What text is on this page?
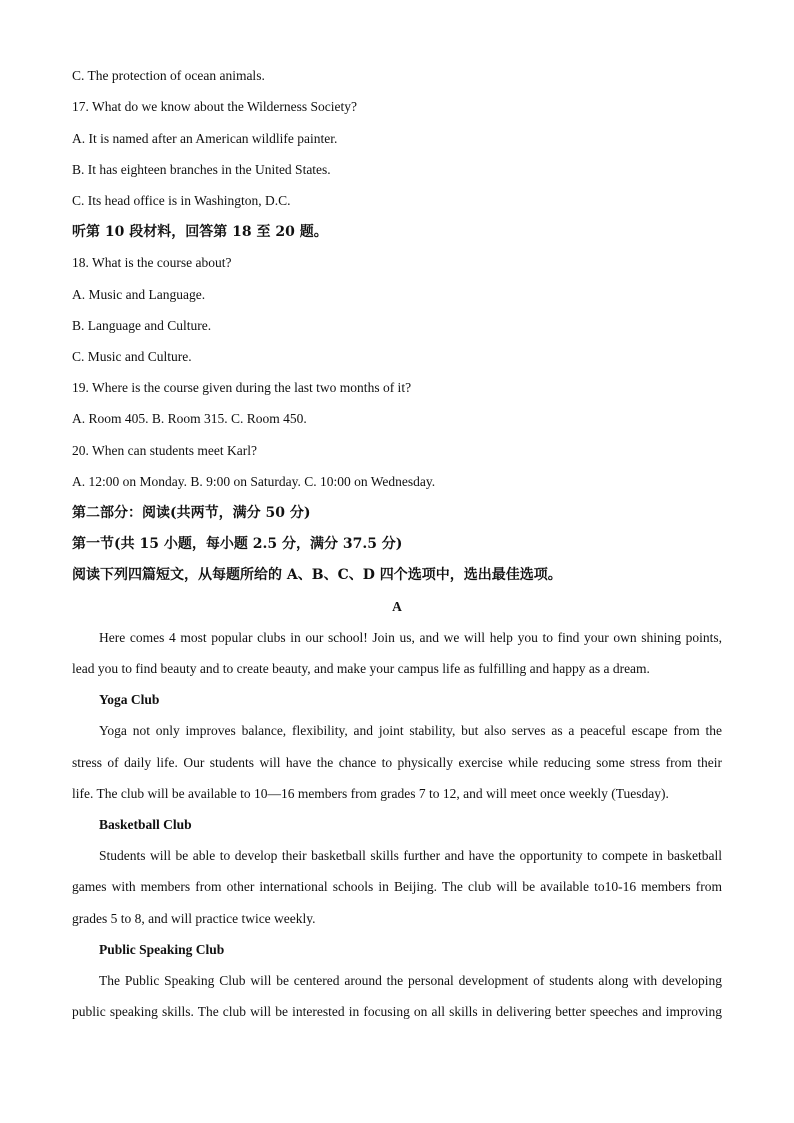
C. The protection of ocean animals.
17. What do we know about the Wilderness Society?
A. It is named after an American wildlife painter.
B. It has eighteen branches in the United States.
C. Its head office is in Washington, D.C.
听第 10 段材料，回答第 18 至 20 题。
18. What is the course about?
A. Music and Language.
B. Language and Culture.
C. Music and Culture.
19. Where is the course given during the last two months of it?
A. Room 405. B. Room 315. C. Room 450.
20. When can students meet Karl?
A. 12:00 on Monday. B. 9:00 on Saturday. C. 10:00 on Wednesday.
第二部分：阅读(共两节，满分 50 分)
第一节(共 15 小题，每小题 2.5 分，满分 37.5 分)
阅读下列四篇短文，从每题所给的 A、B、C、D 四个选项中，选出最佳选项。
A
Here comes 4 most popular clubs in our school! Join us, and we will help you to find your own shining points,
lead you to find beauty and to create beauty, and make your campus life as fulfilling and happy as a dream.
Yoga Club
Yoga not only improves balance, flexibility, and joint stability, but also serves as a peaceful escape from the
stress of daily life. Our students will have the chance to physically exercise while reducing some stress from their
life. The club will be available to 10—16 members from grades 7 to 12, and will meet once weekly (Tuesday).
Basketball Club
Students will be able to develop their basketball skills further and have the opportunity to compete in basketball
games with members from other international schools in Beijing. The club will be available to10-16 members from
grades 5 to 8, and will practice twice weekly.
Public Speaking Club
The Public Speaking Club will be centered around the personal development of students along with developing
public speaking skills. The club will be interested in focusing on all skills in delivering better speeches and improving
